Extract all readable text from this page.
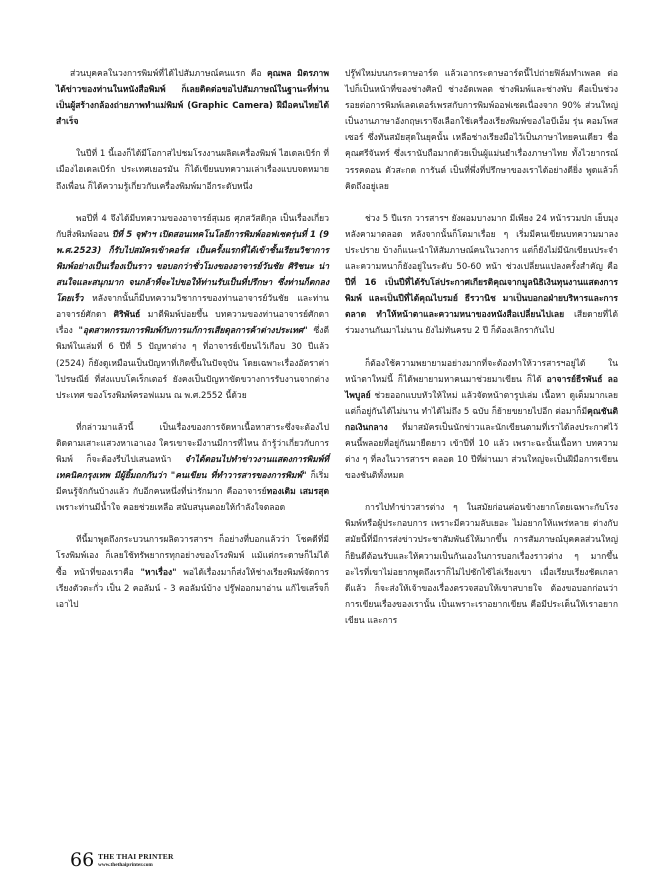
ส่วนบุคคลในวงการพิมพ์ที่ได้ไปสัมภาษณ์คนแรก คือ คุณพล มิตรภาพ ได้ข่าวของท่านในหนังสือพิมพ์ ก็เลยติดต่อขอไปสัมภาษณ์ในฐานะที่ท่านเป็นผู้สร้างกล้องถ่ายภาพทำแม่พิมพ์ (Graphic Camera) ฝีมือคนไทยได้สำเร็จ

ในปีที่ 1 นี้เองก็ได้มีโอกาสไปชมโรงงานผลิตเครื่องพิมพ์ ไฮเดลเบิร์ก ที่เมืองไฮเดลเบิร์ก ประเทศเยอรมัน ก็ได้เขียนบทความเล่าเรื่องแบบจดหมายถึงเพื่อน ก็ได้ความรู้เกี่ยวกับเครื่องพิมพ์มาอีกระดับหนึ่ง

พอปีที่ 4 จึงได้มีบทความของอาจารย์สุเมธ ศุภสวัสดิกุล เป็นเรื่องเกี่ยวกับสิ่งพิมพ์ออน ปีที่ 5 จุฬาฯ เปิดสอนเทคโนโลยีการพิมพ์ออฟเซตรุ่นที่ 1 (9 พ.ศ.2523) ก็รับไปสมัครเข้าคอร์ส เป็นครั้งแรกที่ได้เข้าชั้นเรียนวิชาการพิมพ์อย่างเป็นเรื่องเป็นราว ขอบอกว่าชั่วโมงของอาจารย์วันชัย ศิริชนะ น่าสนใจและสนุกมาก จนกล้าที่จะไปขอให้ท่านรับเป็นที่ปรึกษา ซึ่งท่านก็ตกลงโดยเร็ว หลังจากนั้นก็มีบทความวิชาการของท่านอาจารย์วันชัย และท่านอาจารย์ศักดา ศิริพันธ์ มาตีพิมพ์บ่อยขึ้น บทความของท่านอาจารย์ศักดา เรื่อง "อุตสาหกรรมการพิมพ์กับการแก้การเสียดุลการค้าต่างประเทศ" ซึ่งตีพิมพ์ในเล่มที่ 6 ปีที่ 5 ปัญหาต่าง ๆ ที่อาจารย์เขียนไว้เกือบ 30 ปีแล้ว (2524) ก็ยังดูเหมือนเป็นปัญหาที่เกิดขึ้นในปัจจุบัน โดยเฉพาะเรื่องอัตราค่าไปรษณีย์ ที่ส่งแบบโคเร็กเตอร์ ยังคงเป็นปัญหาขัดขวางการรับงานจากต่างประเทศ ของโรงพิมพ์ครอฟแมน ณ พ.ศ.2552 นี้ด้วย

ที่กล่าวมาแล้วนี้ เป็นเรื่องของการจัดหาเนื้อหาสาระซึ่งจะต้องไปติดตามเสาะแสวงหาเอาเอง ใครเขาจะมีงานมีการที่ไหน ถ้ารู้ว่าเกี่ยวกับการพิมพ์ ก็จะต้องรีบไปเสนอหน้า จำได้ตอนไปทำข่าวงานแสดงการพิมพ์ที่เทคนิคกรุงเทพ มีผู้ยิ้มถกกันว่า "คนเขียน ที่ทำวารสารของการพิมพ์" ก็เริ่มมีคนรู้จักกันบ้างแล้ว กับอีกคนหนึ่งที่น่ารักมาก คืออาจารย์ทองเติม เสมรสุต เพราะท่านมีน้ำใจ คอยช่วยเหลือ สนับสนุนคอยให้กำลังใจตลอด

ทีนี้มาพูดถึงกระบวนการผลิตวารสารฯ ก็อย่างที่บอกแล้วว่า โชคดีที่มีโรงพิมพ์เอง ก็เลยใช้ทรัพยากรทุกอย่างของโรงพิมพ์ แม้แต่กระดาษก็ไม่ได้ซื้อ หน้าที่ของเราคือ "หาเรื่อง" พอได้เรื่องมาก็ส่งให้ช่างเรียงพิมพ์จัดการเรียงตัวตะกั่ว เป็น 2 คอลัมน์ - 3 คอลัมน์บ้าง ปรู๊ฟออกมาอ่าน แก้ไขเสร็จก็เอาไป

ปรู๊ฟใหม่บนกระดาษอาร์ต แล้วเอากระดาษอาร์ตนี้ไปถ่ายฟิล์มทำเพลต ต่อไปก็เป็นหน้าที่ของช่างศิลป์ ช่างอัดเพลต ช่างพิมพ์และช่างพับ คือเป็นช่วงรอยต่อการพิมพ์เลตเตอร์เพรสกับการพิมพ์ออฟเซตเนื่องจาก 90% ส่วนใหญ่เป็นงานภาษาอังกฤษเราจึงเลือกใช้เครื่องเรียงพิมพ์ของไอบีเอ็ม รุ่น คอมโพสเซอร์ ซึ่งทันสมัยสุดในยุคนั้น เหลือช่างเรียงมือไว้เป็นภาษาไทยคนเดียว ชื่อคุณศรีจันทร์ ซึ่งเรานับถือมากด้วยเป็นผู้แม่นยำเรื่องภาษาไทย ทั้งไวยากรณ์ วรรคตอน ตัวสะกด การันต์ เป็นที่พึ่งที่ปรึกษาของเราได้อย่างดียิ่ง พูดแล้วก็คิดถึงอยู่เลย

ช่วง 5 ปีแรก วารสารฯ ยังผอมบางมาก มีเพียง 24 หน้ารวมปก เย็บมุงหลังคามาตลอด หลังจากนั้นก็โตมาเรื่อย ๆ เริ่มมีคนเขียนบทความมาลงประปราย บ้างก็แนะนำให้สัมภาษณ์คนในวงการ แต่ก็ยังไม่มีนักเขียนประจำ และความหนาก็ยังอยู่ในระดับ 50-60 หน้า ช่วงเปลี่ยนแปลงครั้งสำคัญ คือ ปีที่ 16 เป็นปีที่ได้รับโล่ประกาศเกียรติคุณจากมูลนิธิเงินทุนงานแสดงการพิมพ์ และเป็นปีที่ได้คุณไบรมย์ ธีรวานิช มาเป็นบอกอฝ่ายบริหารและการตลาด ทำให้หน้าตาและความหนาของหนังสือเปลี่ยนไปเลย เสียดายที่ได้ร่วมงานกันมาไม่นาน ยังไม่ทันครบ 2 ปี ก็ต้องเลิกรากันไป

ก็ต้องใช้ความพยายามอย่างมากที่จะต้องทำให้วารสารฯอยู่ได้ ในหน้าตาใหม่นี้ ก็ได้พยายามหาคนมาช่วยมาเขียน ก็ได้ อาจารย์ธีรพันธ์ ลอไพบูลย์ ช่วยออกแบบหัวให้ใหม่ แล้วจัดหน้าตารูปเล่ม เนื้อหา ดูเต็มมากเลย แต่ก็อยู่กันได้ไม่นาน ทำได้ไม่ถึง 5 ฉบับ ก็ย้ายขยายไปอีก ต่อมาก็มีคุณชันติ กอเงินกลาง ที่มาสมัครเป็นนักข่าวและนักเขียนตามที่เราได้ลงประกาศไว้ คนนี้พลอยที่อยู่กันมายืดยาว เข้าปีที่ 10 แล้ว เพราะฉะนั้นเนื้อหา บทความต่าง ๆ ที่ลงในวารสารฯ ตลอด 10 ปีที่ผ่านมา ส่วนใหญ่จะเป็นฝีมือการเขียนของชันติทั้งหมด

การไปทำข่าวสารต่าง ๆ ในสมัยก่อนค่อนข้างยากโดยเฉพาะกับโรงพิมพ์หรือผู้ประกอบการ เพราะมีความลับเยอะ ไม่อยากให้แพร่หลาย ต่างกับสมัยนี้ที่มีการส่งข่าวประชาสัมพันธ์ให้มากขึ้น การสัมภาษณ์บุคคลส่วนใหญ่ก็ยินดีต้อนรับและให้ความเป็นกันเองในการบอกเรื่องราวต่าง ๆ มากขึ้น อะไรที่เขาไม่อยากพูดถึงเราก็ไม่ไปซักไซ้ไล่เรียงเขา เมื่อเรียบเรียงชัดเกลาดีแล้ว ก็จะส่งให้เจ้าของเรื่องตรวจสอบให้เขาสบายใจ ต้องขอบอกก่อนว่า การเขียนเรื่องของเรานั้น เป็นเพราะเราอยากเขียน คือมีประเด็นให้เราอยากเขียน และการ

66 THE THAI PRINTER
www.thethaiprinter.com
